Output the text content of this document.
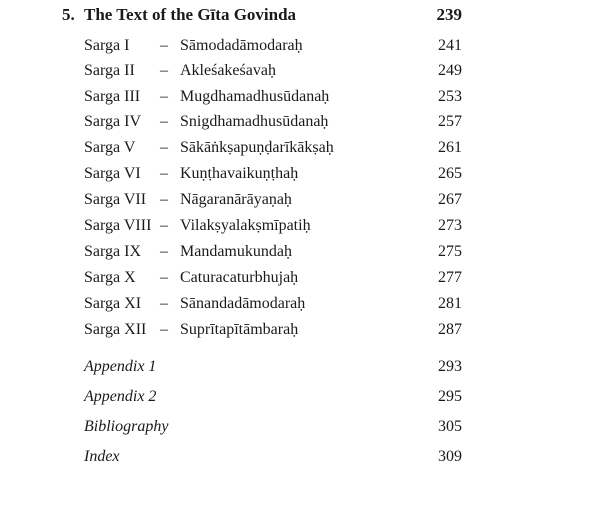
5. The Text of the Gīta Govinda	239
Sarga I – Sāmodadāmodaraḥ	241
Sarga II – Akleśakeśavaḥ	249
Sarga III – Mugdhamadhusūdanaḥ	253
Sarga IV – Snigdhamadhusūdanaḥ	257
Sarga V – Sākāṅkṣapuṇḍarīkākṣaḥ	261
Sarga VI – Kuṇṭhavaikuṇṭhaḥ	265
Sarga VII – Nāgaranārāyaṇaḥ	267
Sarga VIII – Vilakṣyalakṣmīpatiḥ	273
Sarga IX – Mandamukundaḥ	275
Sarga X – Caturacaturbhujaḥ	277
Sarga XI – Sānandadāmodaraḥ	281
Sarga XII – Suprītapītāmbaraḥ	287
Appendix 1	293
Appendix 2	295
Bibliography	305
Index	309
